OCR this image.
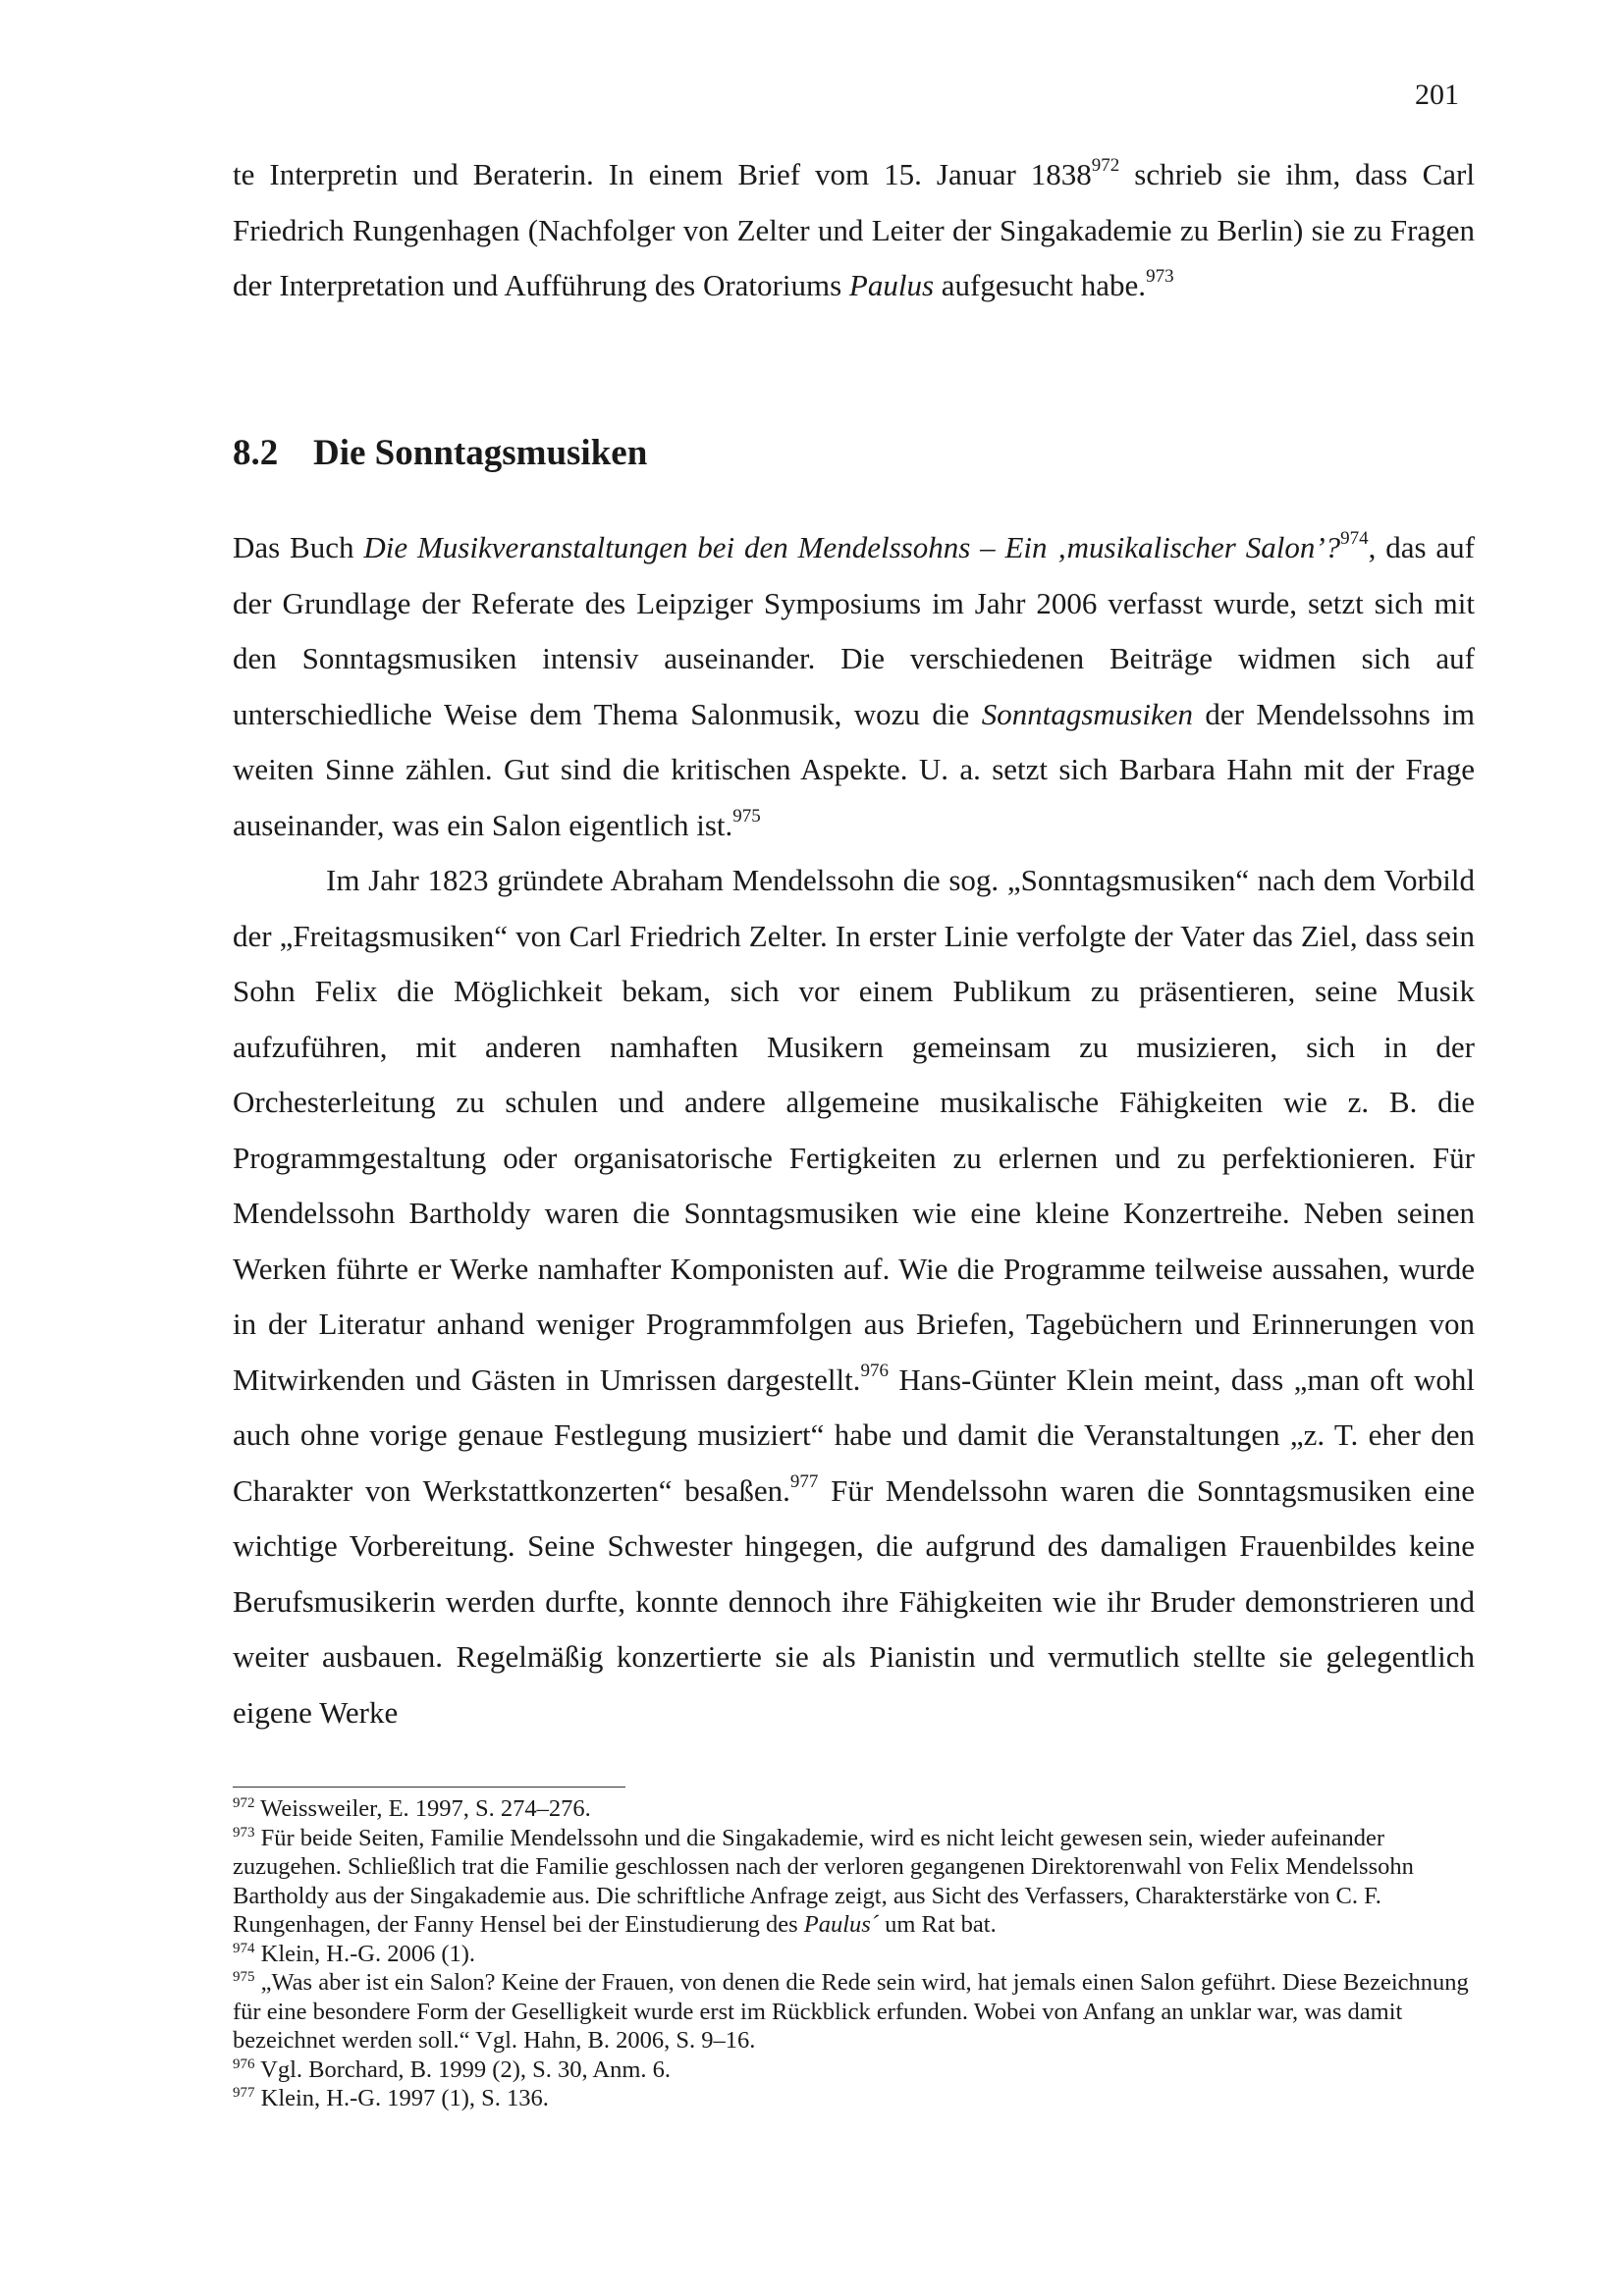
201

te Interpretin und Beraterin. In einem Brief vom 15. Januar 1838$^{972}$ schrieb sie ihm, dass Carl Friedrich Rungenhagen (Nachfolger von Zelter und Leiter der Singakademie zu Berlin) sie zu Fragen der Interpretation und Aufführung des Oratoriums Paulus aufgesucht habe.$^{973}$

8.2 Die Sonntagsmusiken

Das Buch Die Musikveranstaltungen bei den Mendelssohns – Ein ‚musikalischer Salon’?$^{974}$, das auf der Grundlage der Referate des Leipziger Symposiums im Jahr 2006 verfasst wurde, setzt sich mit den Sonntagsmusiken intensiv auseinander. Die verschiedenen Beiträge widmen sich auf unterschiedliche Weise dem Thema Salonmusik, wozu die Sonntagsmusiken der Mendelssohns im weiten Sinne zählen. Gut sind die kritischen Aspekte. U. a. setzt sich Barbara Hahn mit der Frage auseinander, was ein Salon eigentlich ist.$^{975}$

Im Jahr 1823 gründete Abraham Mendelssohn die sog. „Sonntagsmusiken“ nach dem Vorbild der „Freitagsmusiken“ von Carl Friedrich Zelter. In erster Linie verfolgte der Vater das Ziel, dass sein Sohn Felix die Möglichkeit bekam, sich vor einem Publikum zu präsentieren, seine Musik aufzuführen, mit anderen namhaften Musikern gemeinsam zu musizieren, sich in der Orchesterleitung zu schulen und andere allgemeine musikalische Fähigkeiten wie z. B. die Programmgestaltung oder organisatorische Fertigkeiten zu erlernen und zu perfektionieren. Für Mendelssohn Bartholdy waren die Sonntagsmusiken wie eine kleine Konzertreihe. Neben seinen Werken führte er Werke namhafter Komponisten auf. Wie die Programme teilweise aussahen, wurde in der Literatur anhand weniger Programmfolgen aus Briefen, Tagebüchern und Erinnerungen von Mitwirkenden und Gästen in Umrissen dargestellt.$^{976}$ Hans-Günter Klein meint, dass „man oft wohl auch ohne vorige genaue Festlegung musiziert“ habe und damit die Veranstaltungen „z. T. eher den Charakter von Werkstattkonzerten“ besaßen.$^{977}$ Für Mendelssohn waren die Sonntagsmusiken eine wichtige Vorbereitung. Seine Schwester hingegen, die aufgrund des damaligen Frauenbildes keine Berufsmusikerin werden durfte, konnte dennoch ihre Fähigkeiten wie ihr Bruder demonstrieren und weiter ausbauen. Regelmäßig konzertierte sie als Pianistin und vermutlich stellte sie gelegentlich eigene Werke

$^{972}$ Weissweiler, E. 1997, S. 274–276.

$^{973}$ Für beide Seiten, Familie Mendelssohn und die Singakademie, wird es nicht leicht gewesen sein, wieder aufeinander zuzugehen. Schließlich trat die Familie geschlossen nach der verloren gegangenen Direktorenwahl von Felix Mendelssohn Bartholdy aus der Singakademie aus. Die schriftliche Anfrage zeigt, aus Sicht des Verfassers, Charakterstärke von C. F. Rungenhagen, der Fanny Hensel bei der Einstudierung des Paulus´ um Rat bat.

$^{974}$ Klein, H.-G. 2006 (1).

$^{975}$ „Was aber ist ein Salon? Keine der Frauen, von denen die Rede sein wird, hat jemals einen Salon geführt. Diese Bezeichnung für eine besondere Form der Geselligkeit wurde erst im Rückblick erfunden. Wobei von Anfang an unklar war, was damit bezeichnet werden soll.“ Vgl. Hahn, B. 2006, S. 9–16.

$^{976}$ Vgl. Borchard, B. 1999 (2), S. 30, Anm. 6.

$^{977}$ Klein, H.-G. 1997 (1), S. 136.
